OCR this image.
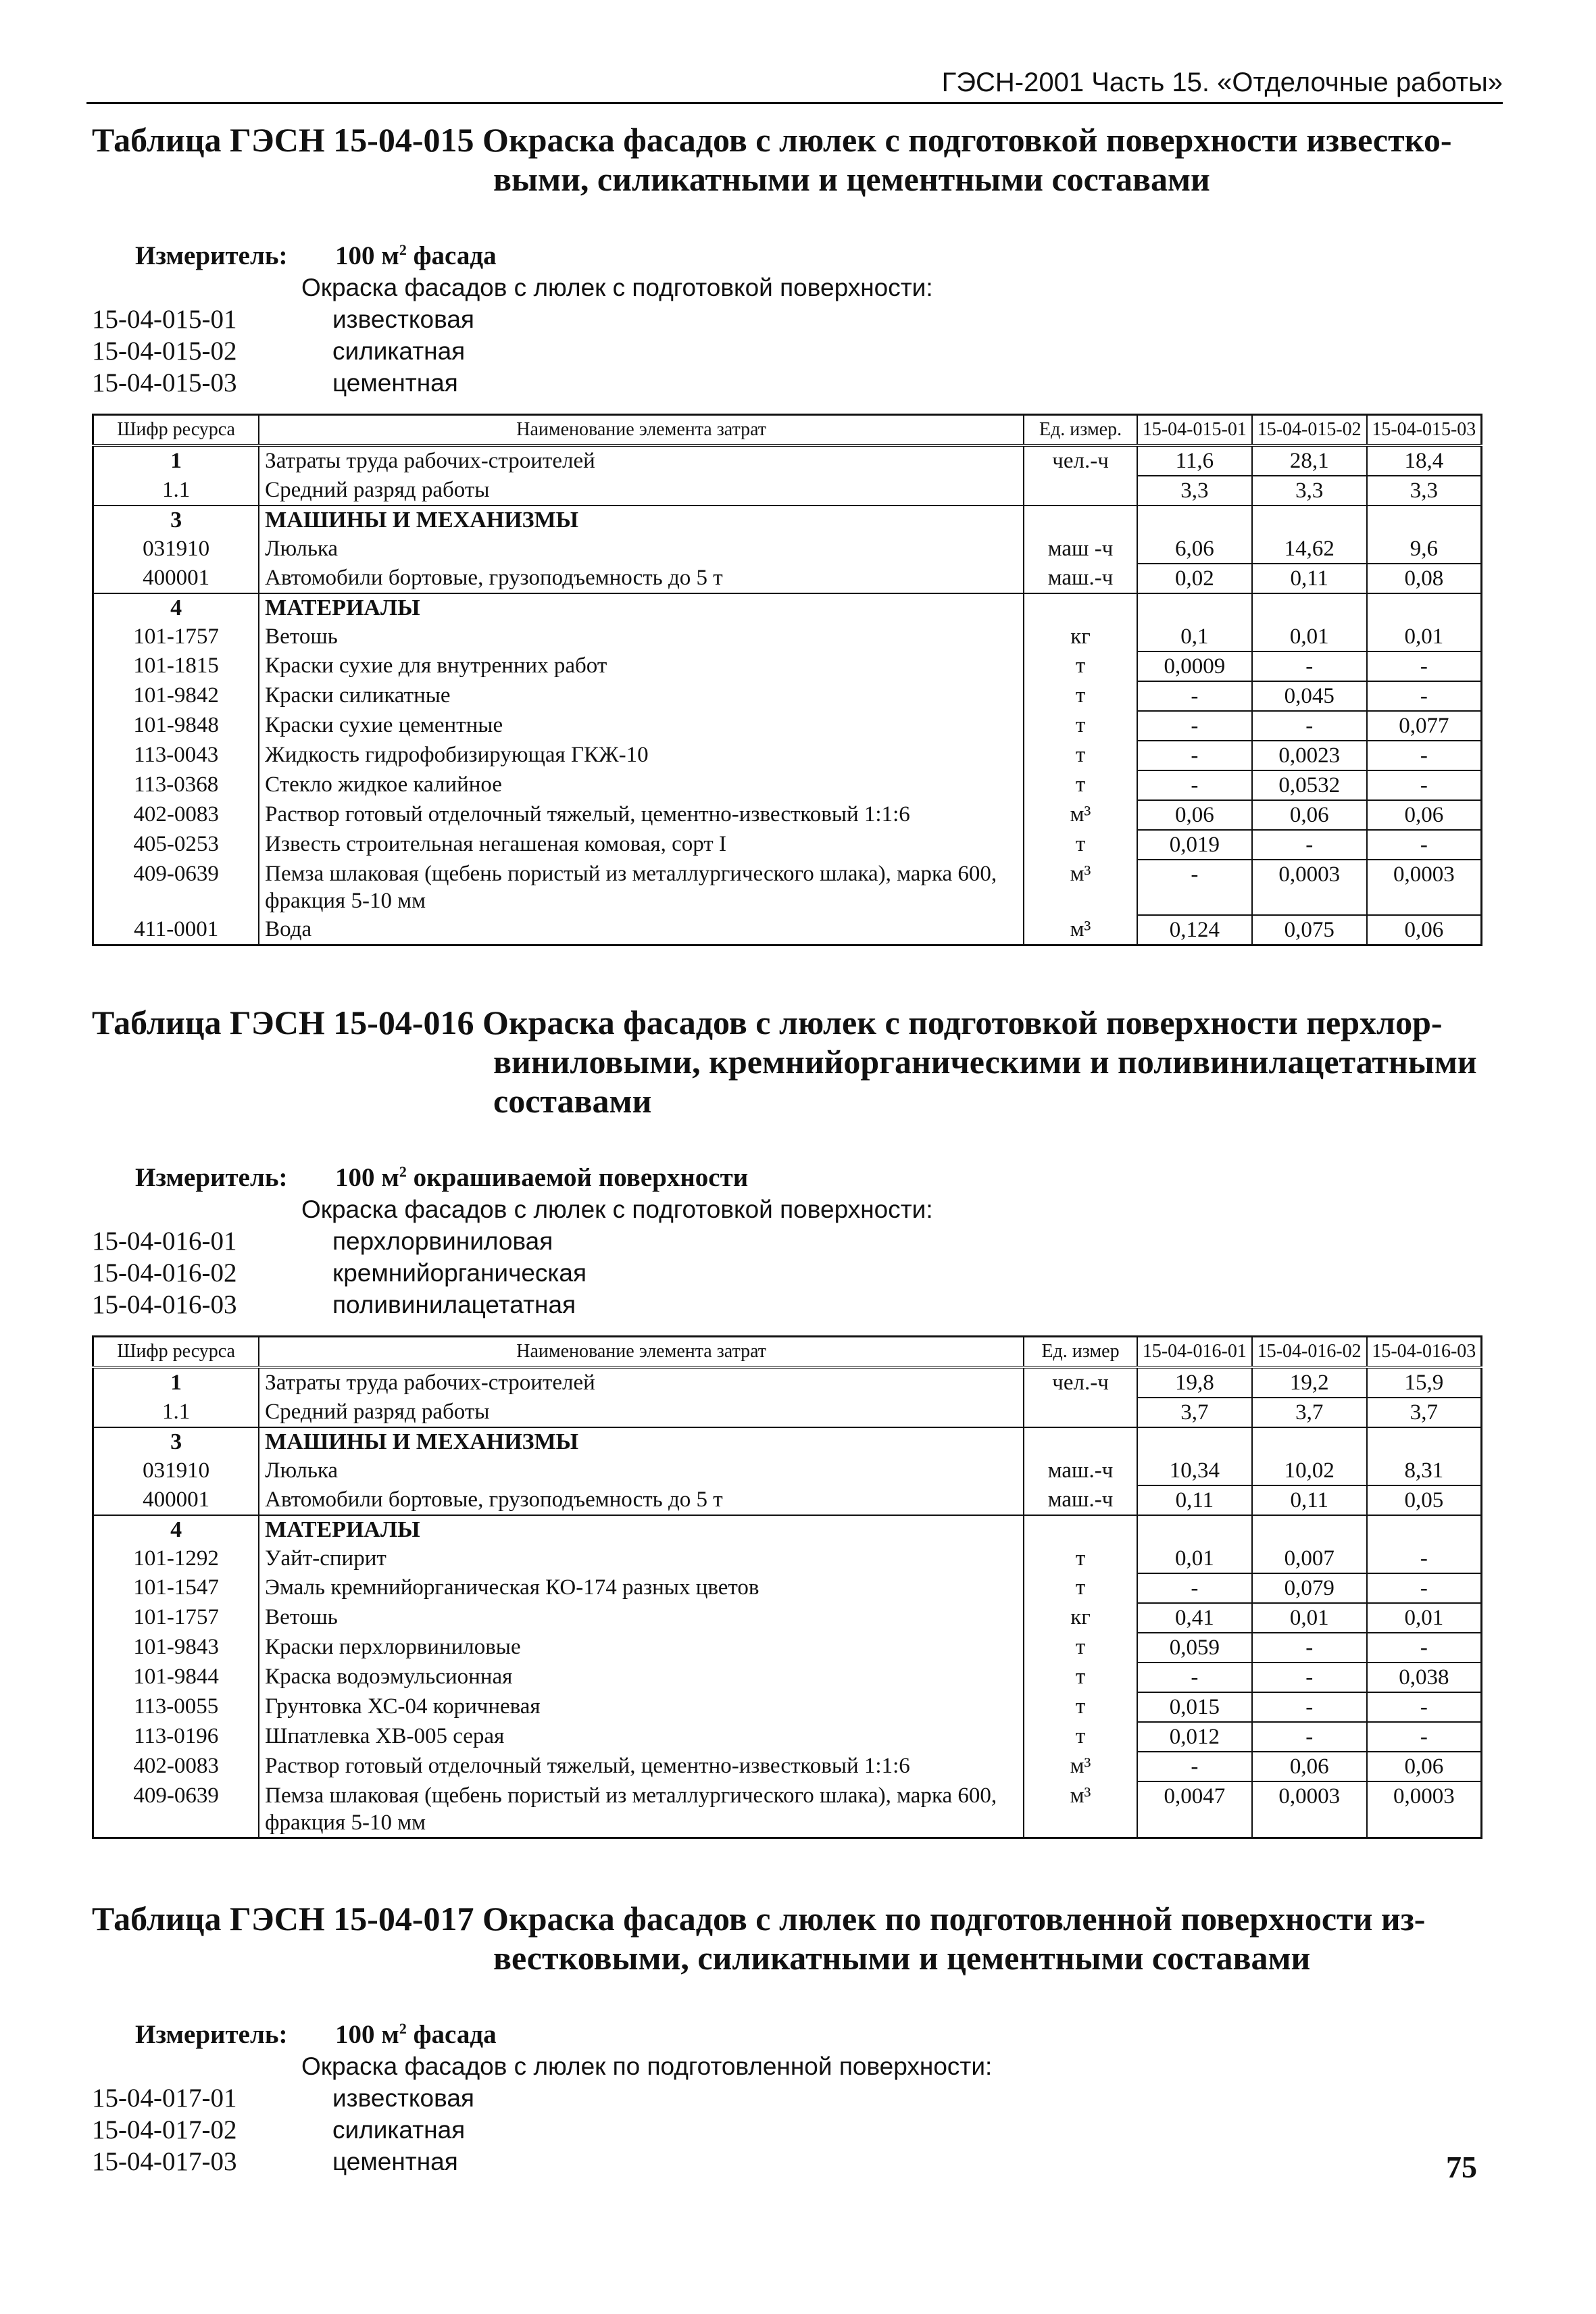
ГЭСН-2001 Часть 15. «Отделочные работы»

Таблица ГЭСН 15-04-015 Окраска фасадов с люлек с подготовкой поверхности известко-
выми, силикатными и цементными составами

Измеритель: 100 $м^2$ фасада
Окраска фасадов с люлек с подготовкой поверхности:
15-04-015-01	известковая
15-04-015-02	силикатная
15-04-015-03	цементная
Шифр ресурса	Наименование элемента затрат	Ед. измер.	15-04-015-01	15-04-015-02	15-04-015-03
1	Затраты труда рабочих-строителей	чел.-ч	11,6	28,1	18,4
1.1	Средний разряд работы		3,3	3,3	3,3
3	МАШИНЫ И МЕХАНИЗМЫ				
031910	Люлька	маш -ч	6,06	14,62	9,6
400001	Автомобили бортовые, грузоподъемность до 5 т	маш.-ч	0,02	0,11	0,08
4	МАТЕРИАЛЫ				
101-1757	Ветошь	кг	0,1	0,01	0,01
101-1815	Краски сухие для внутренних работ	т	0,0009	-	-
101-9842	Краски силикатные	т	-	0,045	-
101-9848	Краски сухие цементные	т	-	-	0,077
113-0043	Жидкость гидрофобизирующая ГКЖ-10	т	-	0,0023	-
113-0368	Стекло жидкое калийное	т	-	0,0532	-
402-0083	Раствор готовый отделочный тяжелый, цементно-известковый 1:1:6	м³	0,06	0,06	0,06
405-0253	Известь строительная негашеная комовая, сорт I	т	0,019	-	-
409-0639	Пемза шлаковая (щебень пористый из металлургического шлака), марка 600, фракция 5-10 мм	м³	-	0,0003	0,0003
411-0001	Вода	м³	0,124	0,075	0,06

Таблица ГЭСН 15-04-016 Окраска фасадов с люлек с подготовкой поверхности перхлор-
виниловыми, кремнийорганическими и поливинилацетатными
составами

Измеритель: 100 $м^2$ окрашиваемой поверхности
Окраска фасадов с люлек с подготовкой поверхности:
15-04-016-01	перхлорвиниловая
15-04-016-02	кремнийорганическая
15-04-016-03	поливинилацетатная
Шифр ресурса	Наименование элемента затрат	Ед. измер	15-04-016-01	15-04-016-02	15-04-016-03
1	Затраты труда рабочих-строителей	чел.-ч	19,8	19,2	15,9
1.1	Средний разряд работы		3,7	3,7	3,7
3	МАШИНЫ И МЕХАНИЗМЫ				
031910	Люлька	маш.-ч	10,34	10,02	8,31
400001	Автомобили бортовые, грузоподъемность до 5 т	маш.-ч	0,11	0,11	0,05
4	МАТЕРИАЛЫ				
101-1292	Уайт-спирит	т	0,01	0,007	-
101-1547	Эмаль кремнийорганическая КО-174 разных цветов	т	-	0,079	-
101-1757	Ветошь	кг	0,41	0,01	0,01
101-9843	Краски перхлорвиниловые	т	0,059	-	-
101-9844	Краска водоэмульсионная	т	-	-	0,038
113-0055	Грунтовка ХС-04 коричневая	т	0,015	-	-
113-0196	Шпатлевка ХВ-005 серая	т	0,012	-	-
402-0083	Раствор готовый отделочный тяжелый, цементно-известковый 1:1:6	м³	-	0,06	0,06
409-0639	Пемза шлаковая (щебень пористый из металлургического шлака), марка 600, фракция 5-10 мм	м³	0,0047	0,0003	0,0003

Таблица ГЭСН 15-04-017 Окраска фасадов с люлек по подготовленной поверхности из-
вестковыми, силикатными и цементными составами

Измеритель: 100 $м^2$ фасада
Окраска фасадов с люлек по подготовленной поверхности:
15-04-017-01	известковая
15-04-017-02	силикатная
15-04-017-03	цементная	75
